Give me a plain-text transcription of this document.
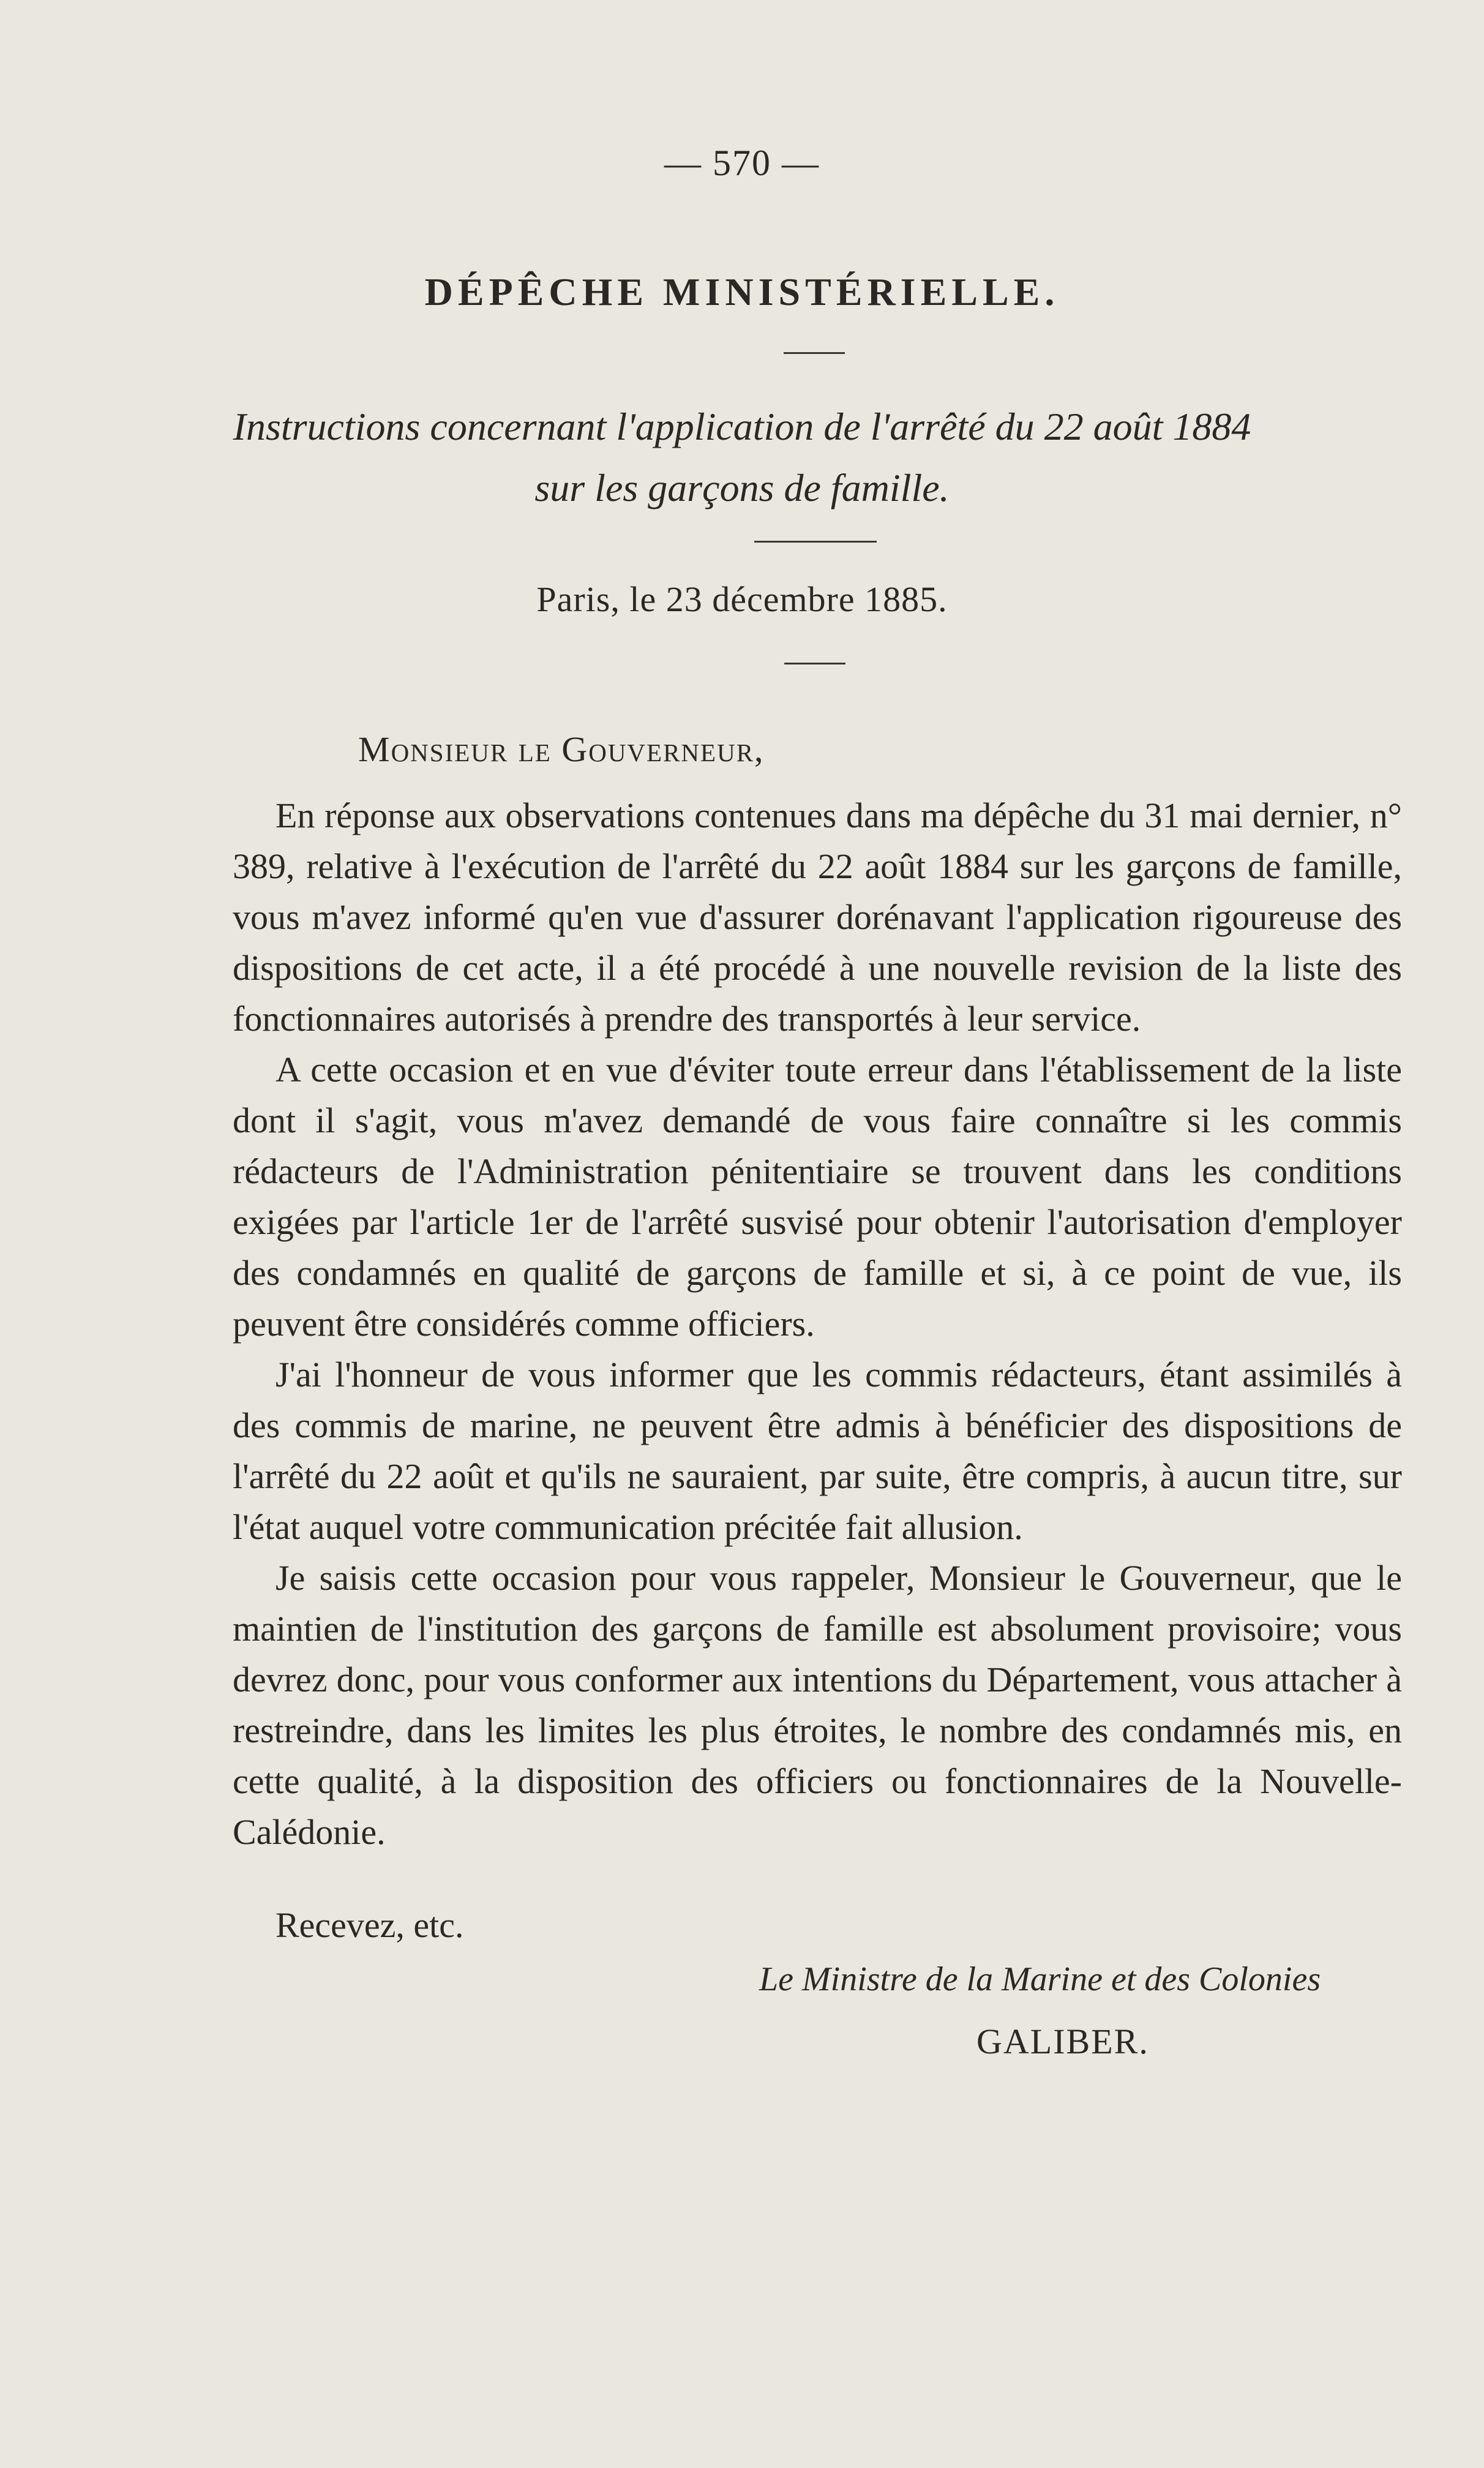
— 570 —
DÉPÊCHE MINISTÉRIELLE.
Instructions concernant l'application de l'arrêté du 22 août 1884
sur les garçons de famille.
Paris, le 23 décembre 1885.
Monsieur le Gouverneur,

En réponse aux observations contenues dans ma dépêche du 31 mai dernier, n° 389, relative à l'exécution de l'arrêté du 22 août 1884 sur les garçons de famille, vous m'avez informé qu'en vue d'assurer dorénavant l'application rigoureuse des dispositions de cet acte, il a été procédé à une nouvelle revision de la liste des fonctionnaires autorisés à prendre des transportés à leur service.

A cette occasion et en vue d'éviter toute erreur dans l'établissement de la liste dont il s'agit, vous m'avez demandé de vous faire connaître si les commis rédacteurs de l'Administration pénitentiaire se trouvent dans les conditions exigées par l'article 1er de l'arrêté susvisé pour obtenir l'autorisation d'employer des condamnés en qualité de garçons de famille et si, à ce point de vue, ils peuvent être considérés comme officiers.

J'ai l'honneur de vous informer que les commis rédacteurs, étant assimilés à des commis de marine, ne peuvent être admis à bénéficier des dispositions de l'arrêté du 22 août et qu'ils ne sauraient, par suite, être compris, à aucun titre, sur l'état auquel votre communication précitée fait allusion.

Je saisis cette occasion pour vous rappeler, Monsieur le Gouverneur, que le maintien de l'institution des garçons de famille est absolument provisoire; vous devrez donc, pour vous conformer aux intentions du Département, vous attacher à restreindre, dans les limites les plus étroites, le nombre des condamnés mis, en cette qualité, à la disposition des officiers ou fonctionnaires de la Nouvelle-Calédonie.

Recevez, etc.
Le Ministre de la Marine et des Colonies
GALIBER.
